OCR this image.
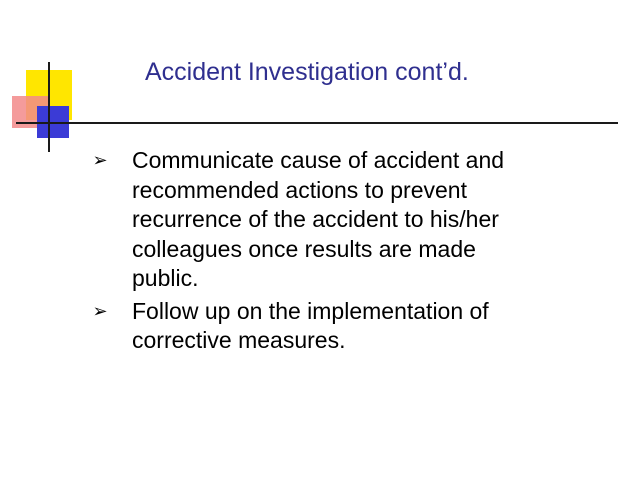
Accident Investigation cont’d.
➢ Communicate cause of accident and
recommended actions to prevent
recurrence of the accident to his/her
colleagues once results are made
public.
➢ Follow up on the implementation of
corrective measures.
